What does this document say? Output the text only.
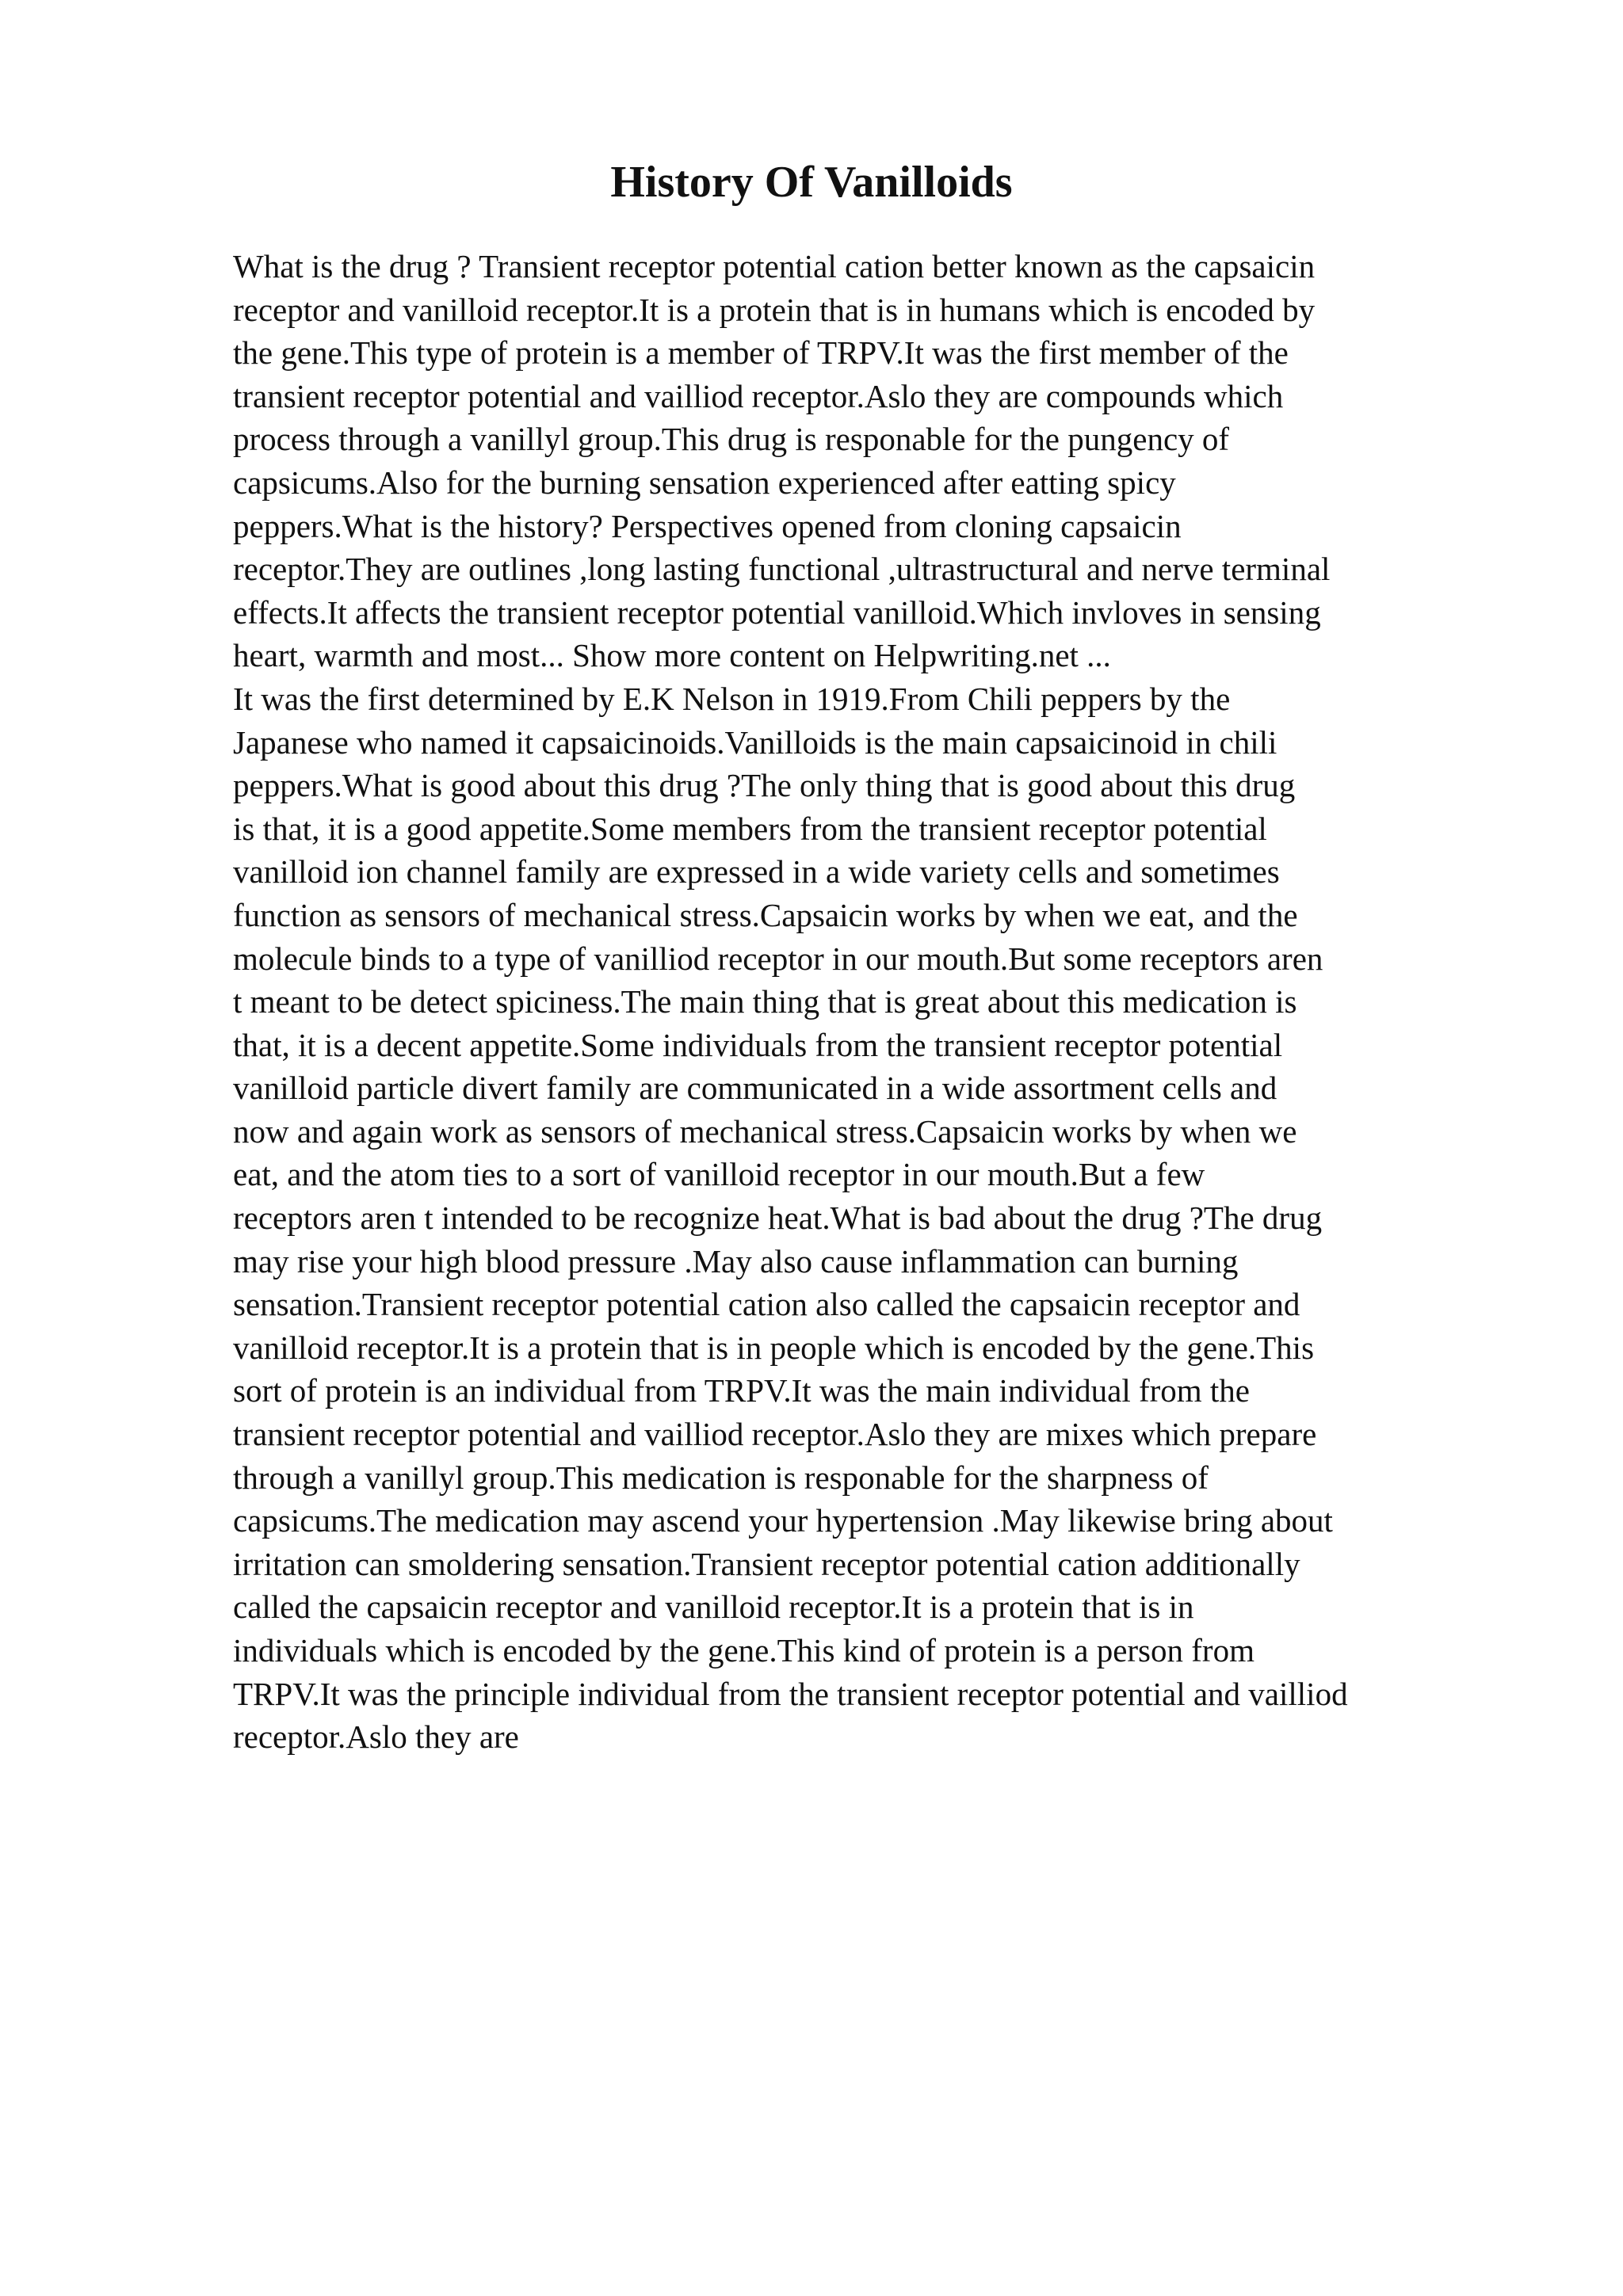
History Of Vanilloids
What is the drug ? Transient receptor potential cation better known as the capsaicin
receptor and vanilloid receptor.It is a protein that is in humans which is encoded by
the gene.This type of protein is a member of TRPV.It was the first member of the
transient receptor potential and vailliod receptor.Aslo they are compounds which
process through a vanillyl group.This drug is responable for the pungency of
capsicums.Also for the burning sensation experienced after eatting spicy
peppers.What is the history? Perspectives opened from cloning capsaicin
receptor.They are outlines ,long lasting functional ,ultrastructural and nerve terminal
effects.It affects the transient receptor potential vanilloid.Which invloves in sensing
heart, warmth and most... Show more content on Helpwriting.net ...
It was the first determined by E.K Nelson in 1919.From Chili peppers by the
Japanese who named it capsaicinoids.Vanilloids is the main capsaicinoid in chili
peppers.What is good about this drug ?The only thing that is good about this drug
is that, it is a good appetite.Some members from the transient receptor potential
vanilloid ion channel family are expressed in a wide variety cells and sometimes
function as sensors of mechanical stress.Capsaicin works by when we eat, and the
molecule binds to a type of vanilliod receptor in our mouth.But some receptors aren
t meant to be detect spiciness.The main thing that is great about this medication is
that, it is a decent appetite.Some individuals from the transient receptor potential
vanilloid particle divert family are communicated in a wide assortment cells and
now and again work as sensors of mechanical stress.Capsaicin works by when we
eat, and the atom ties to a sort of vanilloid receptor in our mouth.But a few
receptors aren t intended to be recognize heat.What is bad about the drug ?The drug
may rise your high blood pressure .May also cause inflammation can burning
sensation.Transient receptor potential cation also called the capsaicin receptor and
vanilloid receptor.It is a protein that is in people which is encoded by the gene.This
sort of protein is an individual from TRPV.It was the main individual from the
transient receptor potential and vailliod receptor.Aslo they are mixes which prepare
through a vanillyl group.This medication is responable for the sharpness of
capsicums.The medication may ascend your hypertension .May likewise bring about
irritation can smoldering sensation.Transient receptor potential cation additionally
called the capsaicin receptor and vanilloid receptor.It is a protein that is in
individuals which is encoded by the gene.This kind of protein is a person from
TRPV.It was the principle individual from the transient receptor potential and vailliod
receptor.Aslo they are
